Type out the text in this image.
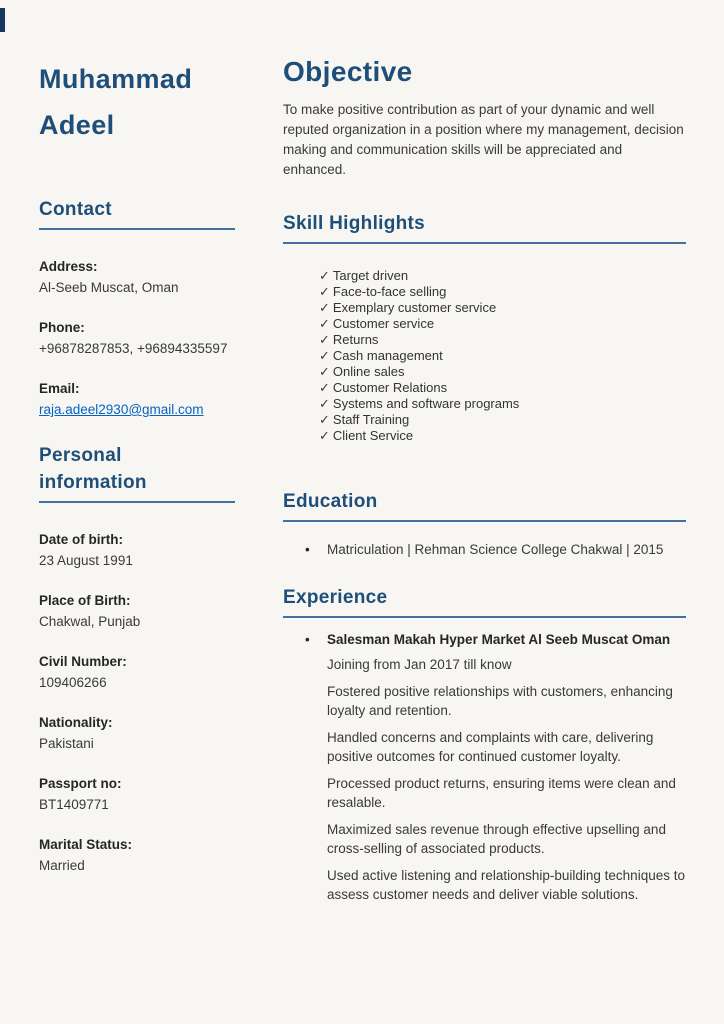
Muhammad
Adeel
Contact
Address:
Al-Seeb Muscat, Oman
Phone:
+96878287853, +96894335597
Email:
raja.adeel2930@gmail.com
Personal information
Date of birth:
23 August 1991
Place of Birth:
Chakwal, Punjab
Civil Number:
109406266
Nationality:
Pakistani
Passport no:
BT1409771
Marital Status:
Married
Objective

To make positive contribution as part of your dynamic and well reputed organization in a position where my management, decision making and communication skills will be appreciated and enhanced.

Skill Highlights
✓ Target driven
✓ Face-to-face selling
✓ Exemplary customer service
✓ Customer service
✓ Returns
✓ Cash management
✓ Online sales
✓ Customer Relations
✓ Systems and software programs
✓ Staff Training
✓ Client Service
Education
•	Matriculation | Rehman Science College Chakwal | 2015
Experience
•	Salesman Makah Hyper Market Al Seeb Muscat Oman

Joining from Jan 2017 till know

Fostered positive relationships with customers, enhancing loyalty and retention.

Handled concerns and complaints with care, delivering positive outcomes for continued customer loyalty.

Processed product returns, ensuring items were clean and resalable.

Maximized sales revenue through effective upselling and cross-selling of associated products.

Used active listening and relationship-building techniques to assess customer needs and deliver viable solutions.
